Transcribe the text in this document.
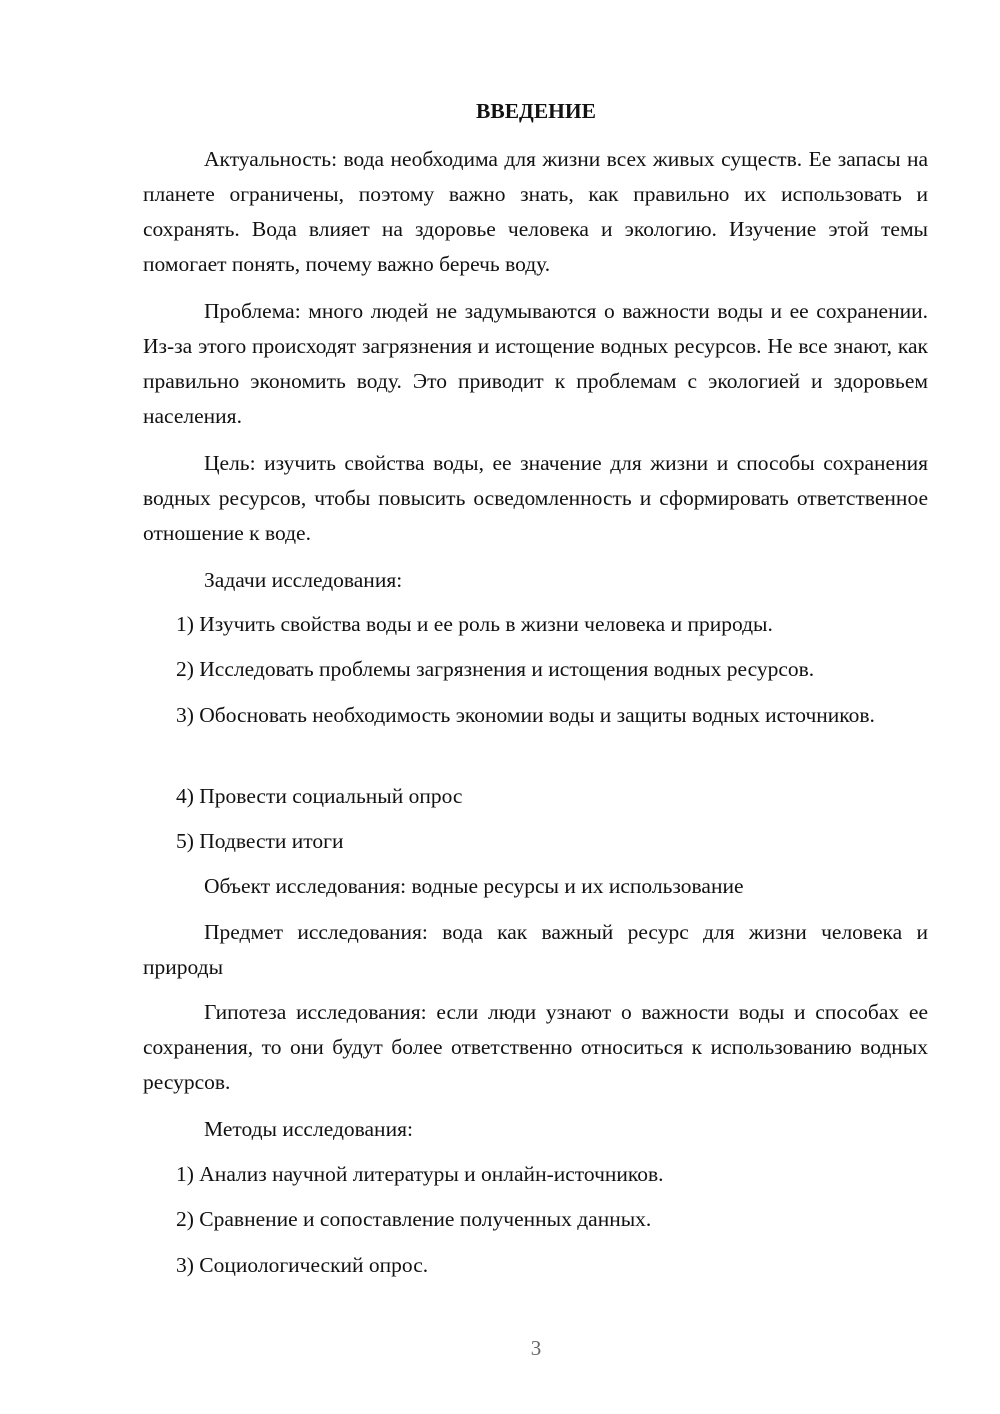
ВВЕДЕНИЕ
Актуальность: вода необходима для жизни всех живых существ. Ее запасы на планете ограничены, поэтому важно знать, как правильно их использовать и сохранять. Вода влияет на здоровье человека и экологию. Изучение этой темы помогает понять, почему важно беречь воду.
Проблема: много людей не задумываются о важности воды и ее сохранении. Из-за этого происходят загрязнения и истощение водных ресурсов. Не все знают, как правильно экономить воду. Это приводит к проблемам с экологией и здоровьем населения.
Цель: изучить свойства воды, ее значение для жизни и способы сохранения водных ресурсов, чтобы повысить осведомленность и сформировать ответственное отношение к воде.
Задачи исследования:
1) Изучить свойства воды и ее роль в жизни человека и природы.
2) Исследовать проблемы загрязнения и истощения водных ресурсов.
3) Обосновать необходимость экономии воды и защиты водных источников.
4) Провести социальный опрос
5) Подвести итоги
Объект исследования: водные ресурсы и их использование
Предмет исследования: вода как важный ресурс для жизни человека и природы
Гипотеза исследования: если люди узнают о важности воды и способах ее сохранения, то они будут более ответственно относиться к использованию водных ресурсов.
Методы исследования:
1) Анализ научной литературы и онлайн-источников.
2) Сравнение и сопоставление полученных данных.
3) Социологический опрос.
3
